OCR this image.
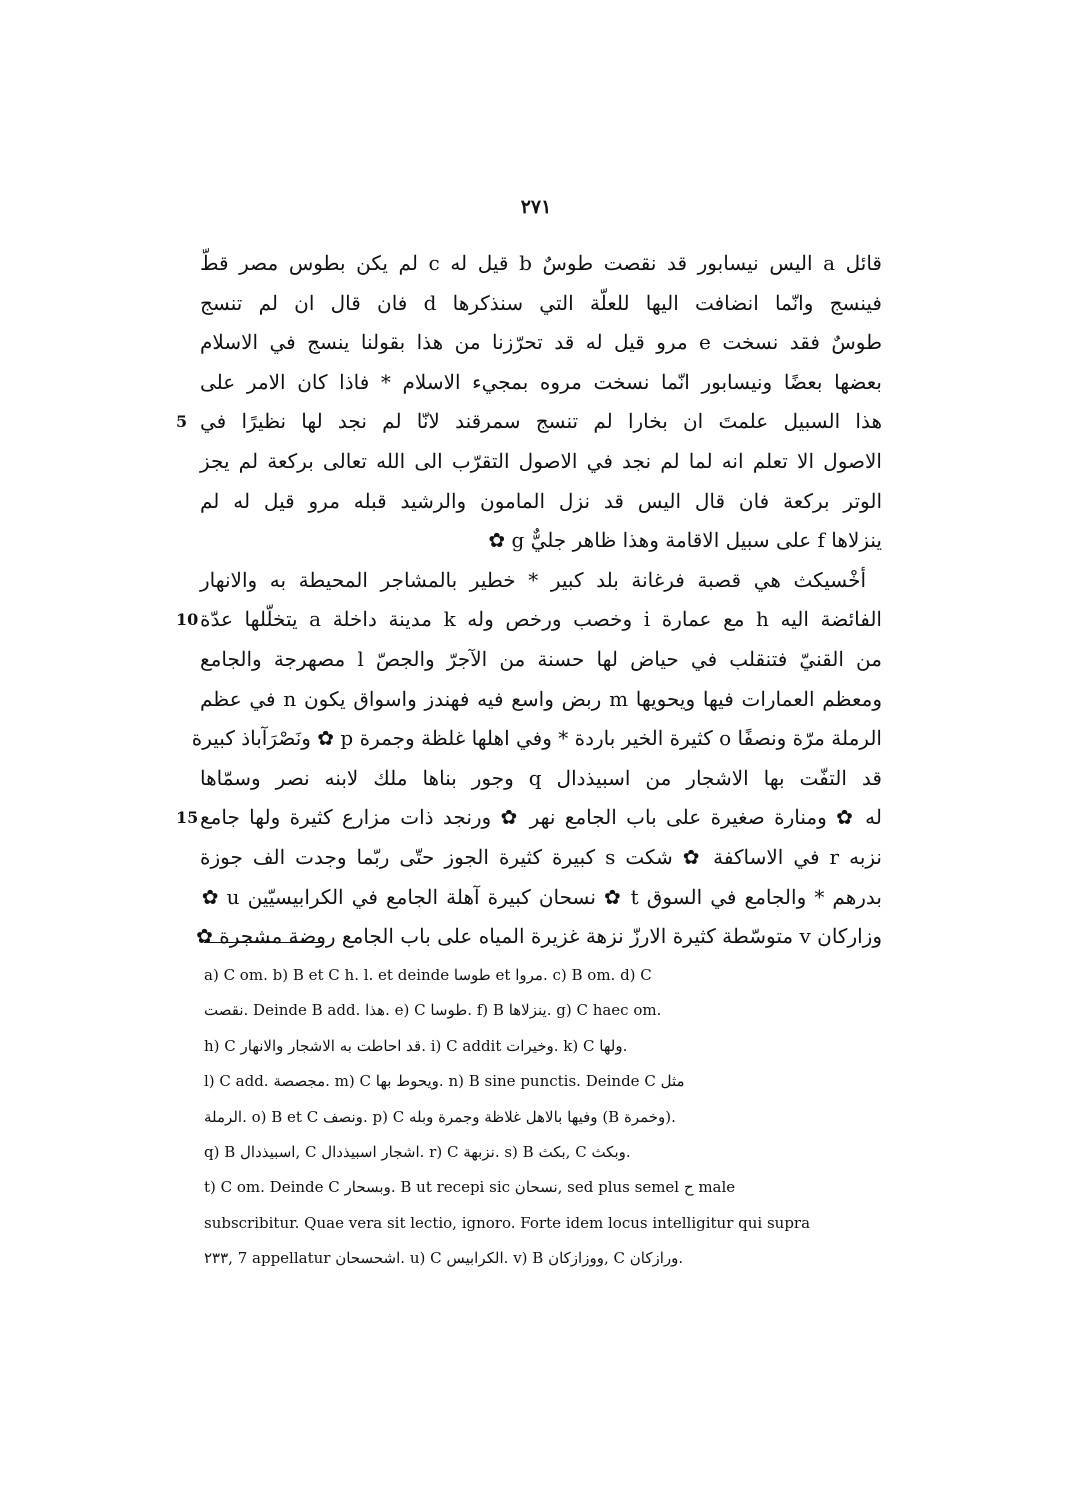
۲۷۱
قائل a اليس نيسابور قد نقصت طوسٌ b قيل له c لم يكن بطوس مصر قطّ
فينسج وانّما انضافت اليها للعلّة التي سنذكرها d فان قال ان لم تنسج
طوسٌ فقد نسخت e مرو قيل له قد تحرّزنا من هذا بقولنا ينسج في الاسلام
بعضها بعضًا ونيسابور انّما نسخت مروه بمجيء الاسلام * فاذا كان الامر على
هذا السبيل علمتَ ان بخارا لم تنسج سمرقند لانّا لم نجد لها نظيرًا في
5
الاصول الا تعلم انه لما لم نجد في الاصول التقرّب الى الله تعالى بركعة لم يجز
الوتر بركعة فان قال اليس قد نزل المامون والرشيد قبله مرو قيل له لم
ينزلاها f على سبيل الاقامة وهذا ظاهر جليٌّ g ✿
أخْسيكث هي قصبة فرغانة بلد كبير * خطير بالمشاجر المحيطة به والانهار
الفائضة اليه h مع عمارة i وخصب ورخص وله k مدينة داخلة a يتخلّلها عدّة
10
من القنيّ فتنقلب في حياض لها حسنة من الآجرّ والجصّ l مصهرجة والجامع
ومعظم العمارات فيها ويحويها m ربض واسع فيه فهندز واسواق يكون n في عظم
الرملة مرّة ونصفًا o كثيرة الخير باردة * وفي اهلها غلظة وجمرة p ✿ ونَصْرَآباذ كبيرة
قد التفّت بها الاشجار من اسبيذدال q وجور بناها ملك لابنه نصر وسمّاها
له ✿ ومنارة صغيرة على باب الجامع نهر ✿ ورنجد ذات مزارع كثيرة ولها جامع
15
نزبه r في الاساكفة ✿ شكت s كبيرة كثيرة الجوز حتّى ربّما وجدت الف جوزة
بدرهم * والجامع في السوق t ✿ نسحان كبيرة آهلة الجامع في الكرابيسيّين u ✿
وزاركان v متوسّطة كثيرة الارزّ نزهة غزيرة المياه على باب الجامع روضة مشجرة ✿
a) C om. b) B et C h. l. et deinde طوسا et مروا. c) B om. d) C
نقصت. Deinde B add. هذا. e) C طوسا. f) B ينزلاها. g) C haec om.
h) C قد احاطت به الاشجار والانهار. i) C addit وخيرات. k) C ولها.
l) C add. مجصصة. m) C ويحوط بها. n) B sine punctis. Deinde C مثل
الرملة. o) B et C ونصف. p) C وفيها بالاهل غلاظة وجمرة وبله (B وخمرة).
q) B اسبيذدال, C اشجار اسبيذدال. r) C نزبهة. s) B بكث, C وبكث.
t) C om. Deinde C وبسحار. B ut recepi sic نسحان, sed plus semel ح male
subscribitur. Quae vera sit lectio, ignoro. Forte idem locus intelligitur qui supra
۲۳۳, 7 appellatur اشحسحان. u) C الكرابيس. v) B ووزازكان, C ورازكان.
